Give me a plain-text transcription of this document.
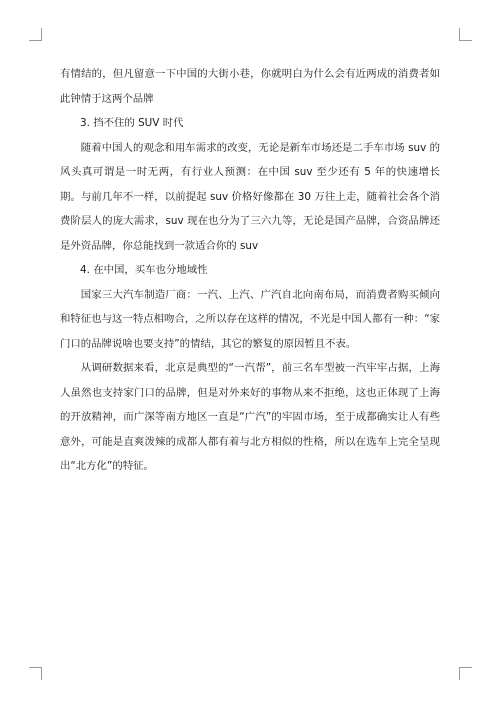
有情结的，但凡留意一下中国的大街小巷，你就明白为什么会有近两成的消费者如此钟情于这两个品牌

3. 挡不住的 SUV 时代

随着中国人的观念和用车需求的改变，无论是新车市场还是二手车市场 suv 的风头真可谓是一时无两，有行业人预测：在中国 suv 至少还有 5 年的快速增长期。与前几年不一样，以前提起 suv 价格好像都在 30 万往上走，随着社会各个消费阶层人的庞大需求，suv 现在也分为了三六九等，无论是国产品牌，合资品牌还是外资品牌，你总能找到一款适合你的 suv

4. 在中国，买车也分地域性

国家三大汽车制造厂商：一汽、上汽、广汽自北向南布局，而消费者购买倾向和特征也与这一特点相吻合，之所以存在这样的情况，不光是中国人都有一种：“家门口的品牌说啥也要支持”的情结，其它的繁复的原因暂且不表。

从调研数据来看，北京是典型的“一汽帮”，前三名车型被一汽牢牢占据，上海人虽然也支持家门口的品牌，但是对外来好的事物从来不拒绝，这也正体现了上海的开放精神，而广深等南方地区一直是“广汽”的牢固市场，至于成都确实让人有些意外，可能是直爽泼辣的成都人都有着与北方相似的性格，所以在选车上完全呈现出“北方化”的特征。
